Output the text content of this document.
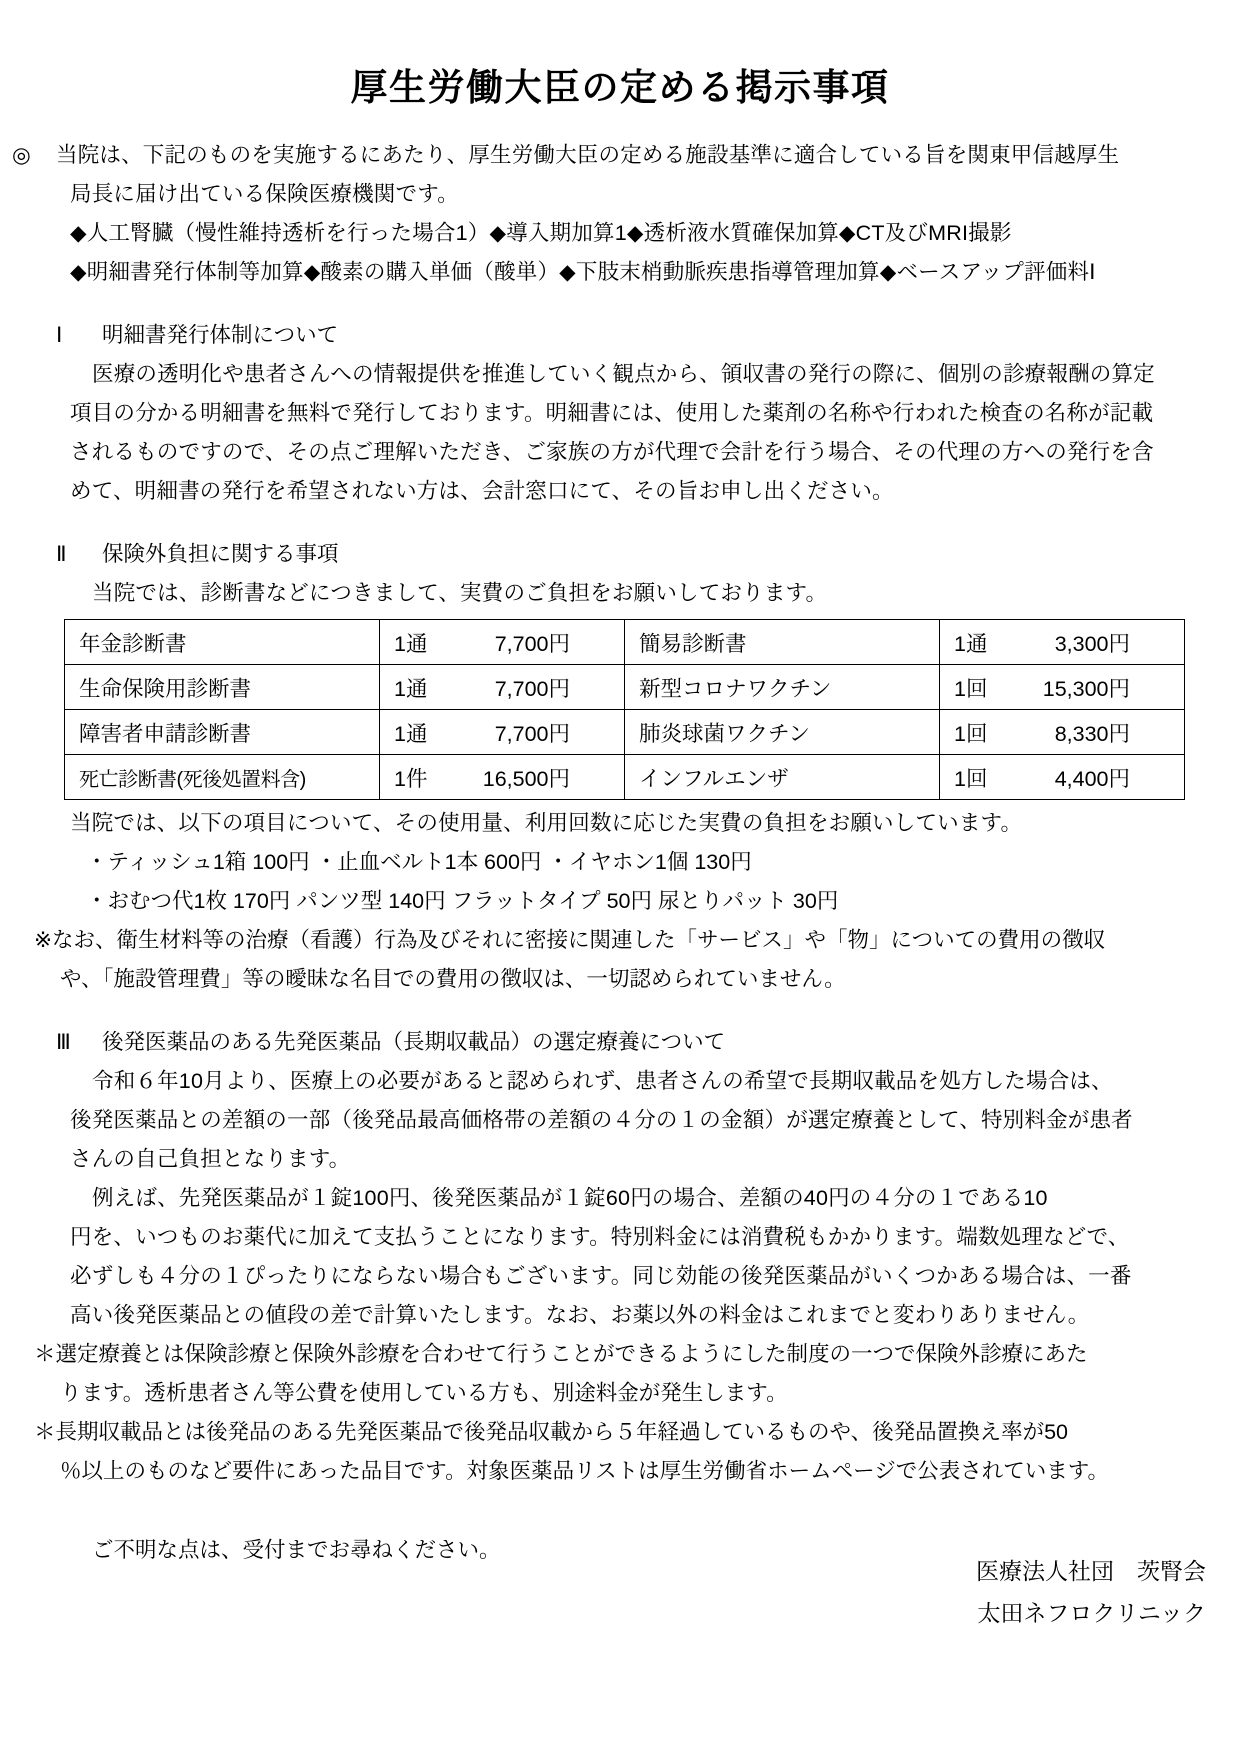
厚生労働大臣の定める掲示事項
◎ 当院は、下記のものを実施するにあたり、厚生労働大臣の定める施設基準に適合している旨を関東甲信越厚生
局長に届け出ている保険医療機関です。
◆人工腎臓（慢性維持透析を行った場合1）◆導入期加算1◆透析液水質確保加算◆CT及びMRI撮影
◆明細書発行体制等加算◆酸素の購入単価（酸単）◆下肢末梢動脈疾患指導管理加算◆ベースアップ評価料Ⅰ
Ⅰ 明細書発行体制について
医療の透明化や患者さんへの情報提供を推進していく観点から、領収書の発行の際に、個別の診療報酬の算定
項目の分かる明細書を無料で発行しております。明細書には、使用した薬剤の名称や行われた検査の名称が記載
されるものですので、その点ご理解いただき、ご家族の方が代理で会計を行う場合、その代理の方への発行を含
めて、明細書の発行を希望されない方は、会計窓口にて、その旨お申し出ください。
Ⅱ 保険外負担に関する事項
当院では、診断書などにつきまして、実費のご負担をお願いしております。
年金診断書	1通 7,700円	簡易診断書	1通 3,300円
生命保険用診断書	1通 7,700円	新型コロナワクチン	1回 15,300円
障害者申請診断書	1通 7,700円	肺炎球菌ワクチン	1回 8,330円
死亡診断書(死後処置料含)	1件 16,500円	インフルエンザ	1回 4,400円
当院では、以下の項目について、その使用量、利用回数に応じた実費の負担をお願いしています。
・ティッシュ1箱 100円 ・止血ベルト1本 600円 ・イヤホン1個 130円
・おむつ代1枚 170円 パンツ型 140円 フラットタイプ 50円 尿とりパット 30円
※なお、衛生材料等の治療（看護）行為及びそれに密接に関連した「サービス」や「物」についての費用の徴収
や、「施設管理費」等の曖昧な名目での費用の徴収は、一切認められていません。
Ⅲ 後発医薬品のある先発医薬品（長期収載品）の選定療養について
令和６年10月より、医療上の必要があると認められず、患者さんの希望で長期収載品を処方した場合は、
後発医薬品との差額の一部（後発品最高価格帯の差額の４分の１の金額）が選定療養として、特別料金が患者
さんの自己負担となります。
例えば、先発医薬品が１錠100円、後発医薬品が１錠60円の場合、差額の40円の４分の１である10
円を、いつものお薬代に加えて支払うことになります。特別料金には消費税もかかります。端数処理などで、
必ずしも４分の１ぴったりにならない場合もございます。同じ効能の後発医薬品がいくつかある場合は、一番
高い後発医薬品との値段の差で計算いたします。なお、お薬以外の料金はこれまでと変わりありません。
＊選定療養とは保険診療と保険外診療を合わせて行うことができるようにした制度の一つで保険外診療にあた
ります。透析患者さん等公費を使用している方も、別途料金が発生します。
＊長期収載品とは後発品のある先発医薬品で後発品収載から５年経過しているものや、後発品置換え率が50
％以上のものなど要件にあった品目です。対象医薬品リストは厚生労働省ホームページで公表されています。
ご不明な点は、受付までお尋ねください。
医療法人社団　茨腎会
太田ネフロクリニック
